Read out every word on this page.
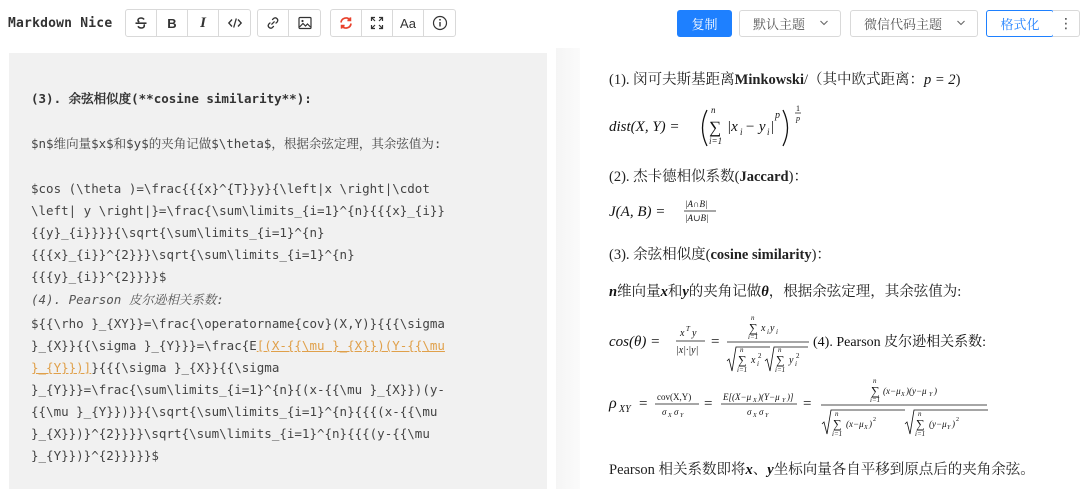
Markdown Nice	B	I	Aa	复制	默认主题	微信代码主题	格式化	⋮
(3). 余弦相似度(**cosine similarity**):
$n$维向量$x$和$y$的夹角记做$\theta$，根据余弦定理，其余弦值为:
$cos (\theta )=\frac{{{x}^{T}}y}{\left|x \right|\cdot
\left| y \right|}=\frac{\sum\limits_{i=1}^{n}{{{x}_{i}}
{{y}_{i}}}}{\sqrt{\sum\limits_{i=1}^{n}
{{{x}_{i}}^{2}}}\sqrt{\sum\limits_{i=1}^{n}
{{{y}_{i}}^{2}}}}$
(4). Pearson 皮尔逊相关系数:
${{\rho }_{XY}}=\frac{\operatorname{cov}(X,Y)}{{{\sigma
}_{X}}{{\sigma }_{Y}}}=\frac{E[(X-{{\mu }_{X}})(Y-{{\mu
}_{Y}})]}{{{\sigma }_{X}}{{\sigma
}_{Y}}}=\frac{\sum\limits_{i=1}^{n}{(x-{{\mu }_{X}})(y-
{{\mu }_{Y}})}}{\sqrt{\sum\limits_{i=1}^{n}{{{(x-{{\mu
}_{X}})}^{2}}}}\sqrt{\sum\limits_{i=1}^{n}{{{(y-{{\mu
}_{Y}})}^{2}}}}}$
(1). 闵可夫斯基距离Minkowski/（其中欧式距离：p = 2)
dist(X, Y) =
n
∑
i=1
|x i − y i |
p
1
p
(2). 杰卡德相似系数(Jaccard)：
J(A, B) = |A∩B|
|A∪B|
(3). 余弦相似度(cosine similarity)：
n维向量x和y的夹角记做θ，根据余弦定理，其余弦值为:
cos(θ) =
x T y
|x|·|y|
=
n
∑
i=1
x i y i
n
∑
i=1
x i
2
n
∑
i=1
y i
2
(4). Pearson 皮尔逊相关系数:
ρ XY = cov(X,Y)
σ X σ Y
= E[(X−μ X )(Y−μ Y )]
σ X σ Y
=
n
∑
i=1
(x−μ X )(y−μ Y )
n
∑
i=1
(x−μ X ) 2
n
∑
i=1
(y−μ Y ) 2
Pearson 相关系数即将x、y坐标向量各自平移到原点后的夹角余弦。
